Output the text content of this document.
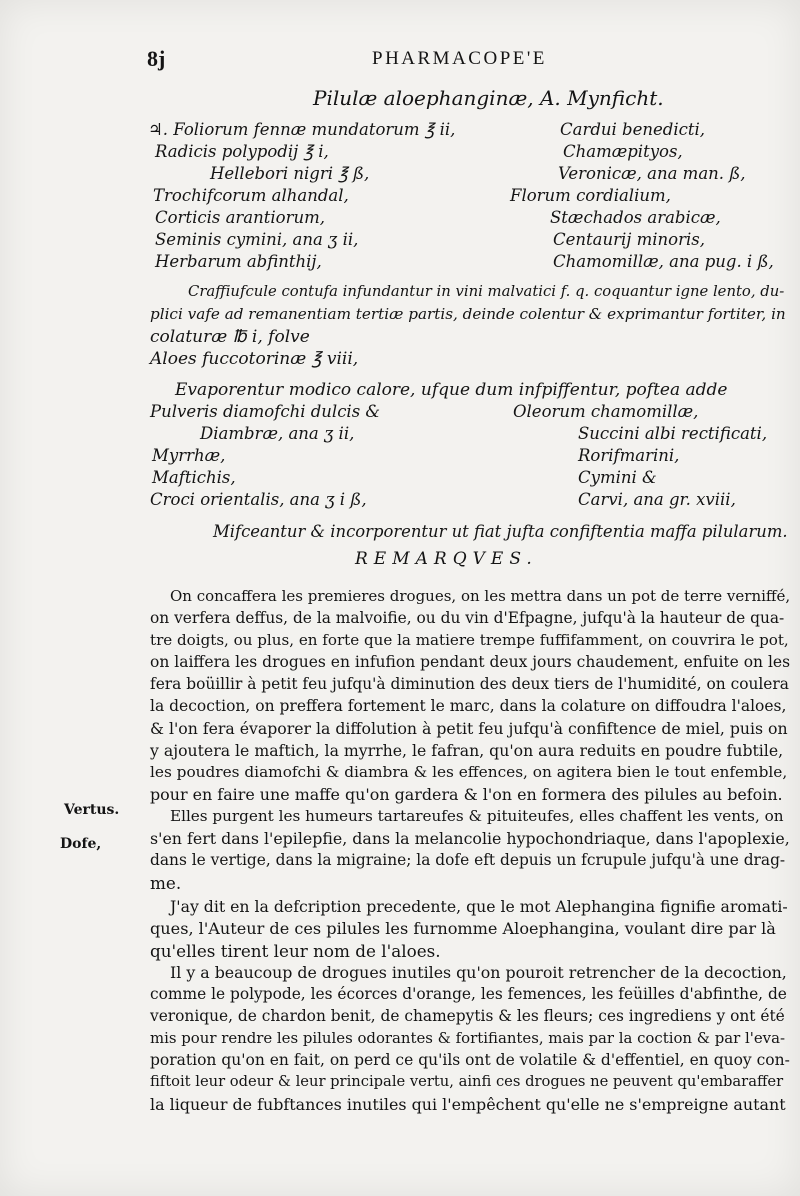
8j	PHARMACOPE'E
Pilulæ aloephanginæ, A. Mynficht.
♃. Foliorum fennæ mundatorum ℥ ii,
Radicis polypodij ℥ i,
Hellebori nigri ℥ ß,
Trochifcorum alhandal,
Corticis arantiorum,
Seminis cymini, ana ʒ ii,
Herbarum abfinthij,
Cardui benedicti,
Chamæpityos,
Veronicæ, ana man. ß,
Florum cordialium,
Stæchados arabicæ,
Centaurij minoris,
Chamomillæ, ana pug. i ß,
Craffiufcule contufa infundantur in vini malvatici f. q. coquantur igne lento, du-
plici vafe ad remanentiam tertiæ partis, deinde colentur & exprimantur fortiter, in
colaturæ ℔ i, folve
Aloes fuccotorinæ ℥ viii,
Evaporentur modico calore, ufque dum infpiffentur, poftea adde
Pulveris diamofchi dulcis &
Diambræ, ana ʒ ii,
Myrrhæ,
Maftichis,
Croci orientalis, ana ʒ i ß,
Oleorum chamomillæ,
Succini albi rectificati,
Rorifmarini,
Cymini &
Carvi, ana gr. xviii,
Mifceantur & incorporentur ut fiat jufta confiftentia maffa pilularum.
REMARQVES.
On concaffera les premieres drogues, on les mettra dans un pot de terre verniffé,
on verfera deffus, de la malvoifie, ou du vin d'Efpagne, jufqu'à la hauteur de qua-
tre doigts, ou plus, en forte que la matiere trempe fuffifamment, on couvrira le pot,
on laiffera les drogues en infufion pendant deux jours chaudement, enfuite on les
fera boüillir à petit feu jufqu'à diminution des deux tiers de l'humidité, on coulera
la decoction, on preffera fortement le marc, dans la colature on diffoudra l'aloes,
& l'on fera évaporer la diffolution à petit feu jufqu'à confiftence de miel, puis on
y ajoutera le maftich, la myrrhe, le fafran, qu'on aura reduits en poudre fubtile,
les poudres diamofchi & diambra & les effences, on agitera bien le tout enfemble,
pour en faire une maffe qu'on gardera & l'on en formera des pilules au befoin.
Vertus.
Dofe,
Elles purgent les humeurs tartareufes & pituiteufes, elles chaffent les vents, on
s'en fert dans l'epilepfie, dans la melancolie hypochondriaque, dans l'apoplexie,
dans le vertige, dans la migraine; la dofe eft depuis un fcrupule jufqu'à une drag-
me.
J'ay dit en la defcription precedente, que le mot Alephangina fignifie aromati-
ques, l'Auteur de ces pilules les furnomme Aloephangina, voulant dire par là
qu'elles tirent leur nom de l'aloes.
Il y a beaucoup de drogues inutiles qu'on pouroit retrencher de la decoction,
comme le polypode, les écorces d'orange, les femences, les feüilles d'abfinthe, de
veronique, de chardon benit, de chamepytis & les fleurs; ces ingrediens y ont été
mis pour rendre les pilules odorantes & fortifiantes, mais par la coction & par l'eva-
poration qu'on en fait, on perd ce qu'ils ont de volatile & d'effentiel, en quoy con-
fiftoit leur odeur & leur principale vertu, ainfi ces drogues ne peuvent qu'embaraffer
la liqueur de fubftances inutiles qui l'empêchent qu'elle ne s'empreigne autant
